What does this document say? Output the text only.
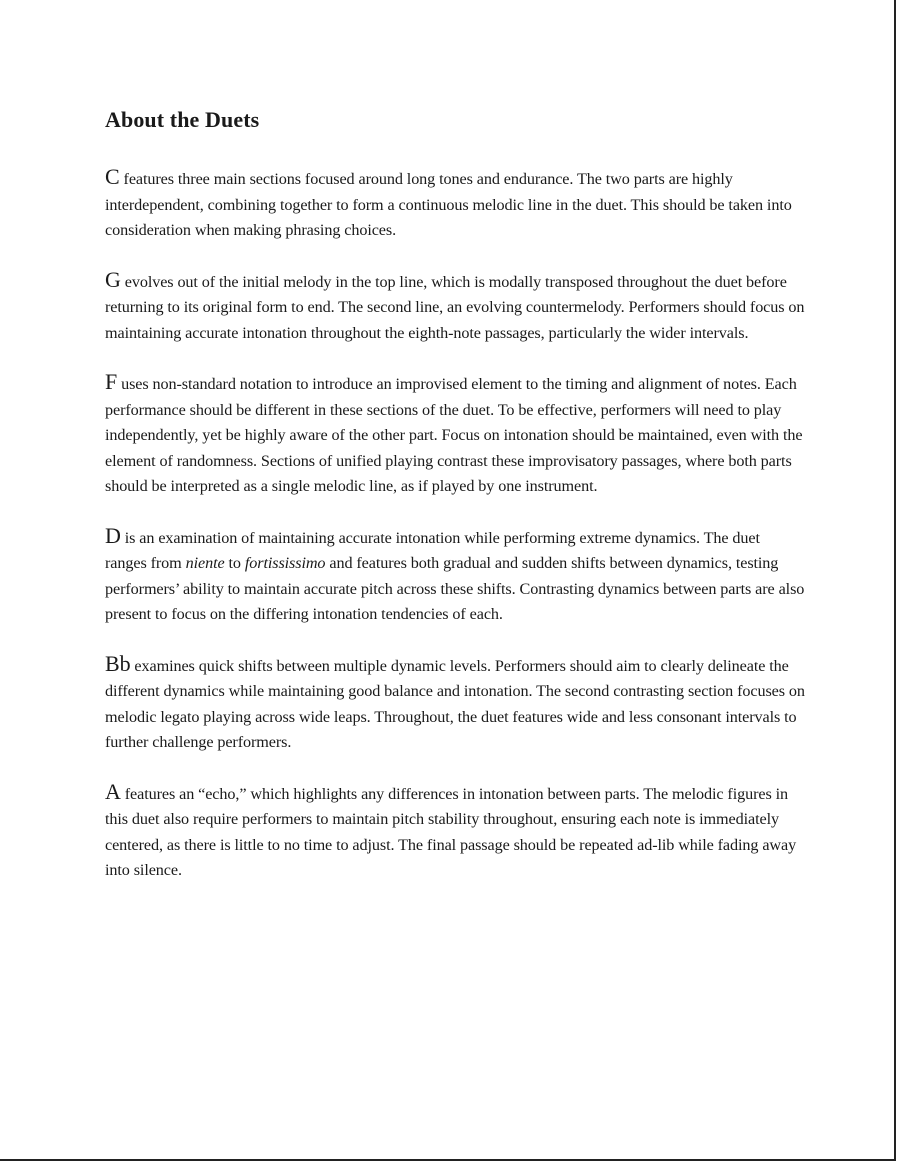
About the Duets

C features three main sections focused around long tones and endurance. The two parts are highly interdependent, combining together to form a continuous melodic line in the duet. This should be taken into consideration when making phrasing choices.

G evolves out of the initial melody in the top line, which is modally transposed throughout the duet before returning to its original form to end. The second line, an evolving countermelody. Performers should focus on maintaining accurate intonation throughout the eighth-note passages, particularly the wider intervals.

F uses non-standard notation to introduce an improvised element to the timing and alignment of notes. Each performance should be different in these sections of the duet. To be effective, performers will need to play independently, yet be highly aware of the other part. Focus on intonation should be maintained, even with the element of randomness. Sections of unified playing contrast these improvisatory passages, where both parts should be interpreted as a single melodic line, as if played by one instrument.

D is an examination of maintaining accurate intonation while performing extreme dynamics. The duet ranges from niente to fortississimo and features both gradual and sudden shifts between dynamics, testing performers’ ability to maintain accurate pitch across these shifts. Contrasting dynamics between parts are also present to focus on the differing intonation tendencies of each.

Bb examines quick shifts between multiple dynamic levels. Performers should aim to clearly delineate the different dynamics while maintaining good balance and intonation. The second contrasting section focuses on melodic legato playing across wide leaps. Throughout, the duet features wide and less consonant intervals to further challenge performers.

A features an “echo,” which highlights any differences in intonation between parts. The melodic figures in this duet also require performers to maintain pitch stability throughout, ensuring each note is immediately centered, as there is little to no time to adjust. The final passage should be repeated ad-lib while fading away into silence.
